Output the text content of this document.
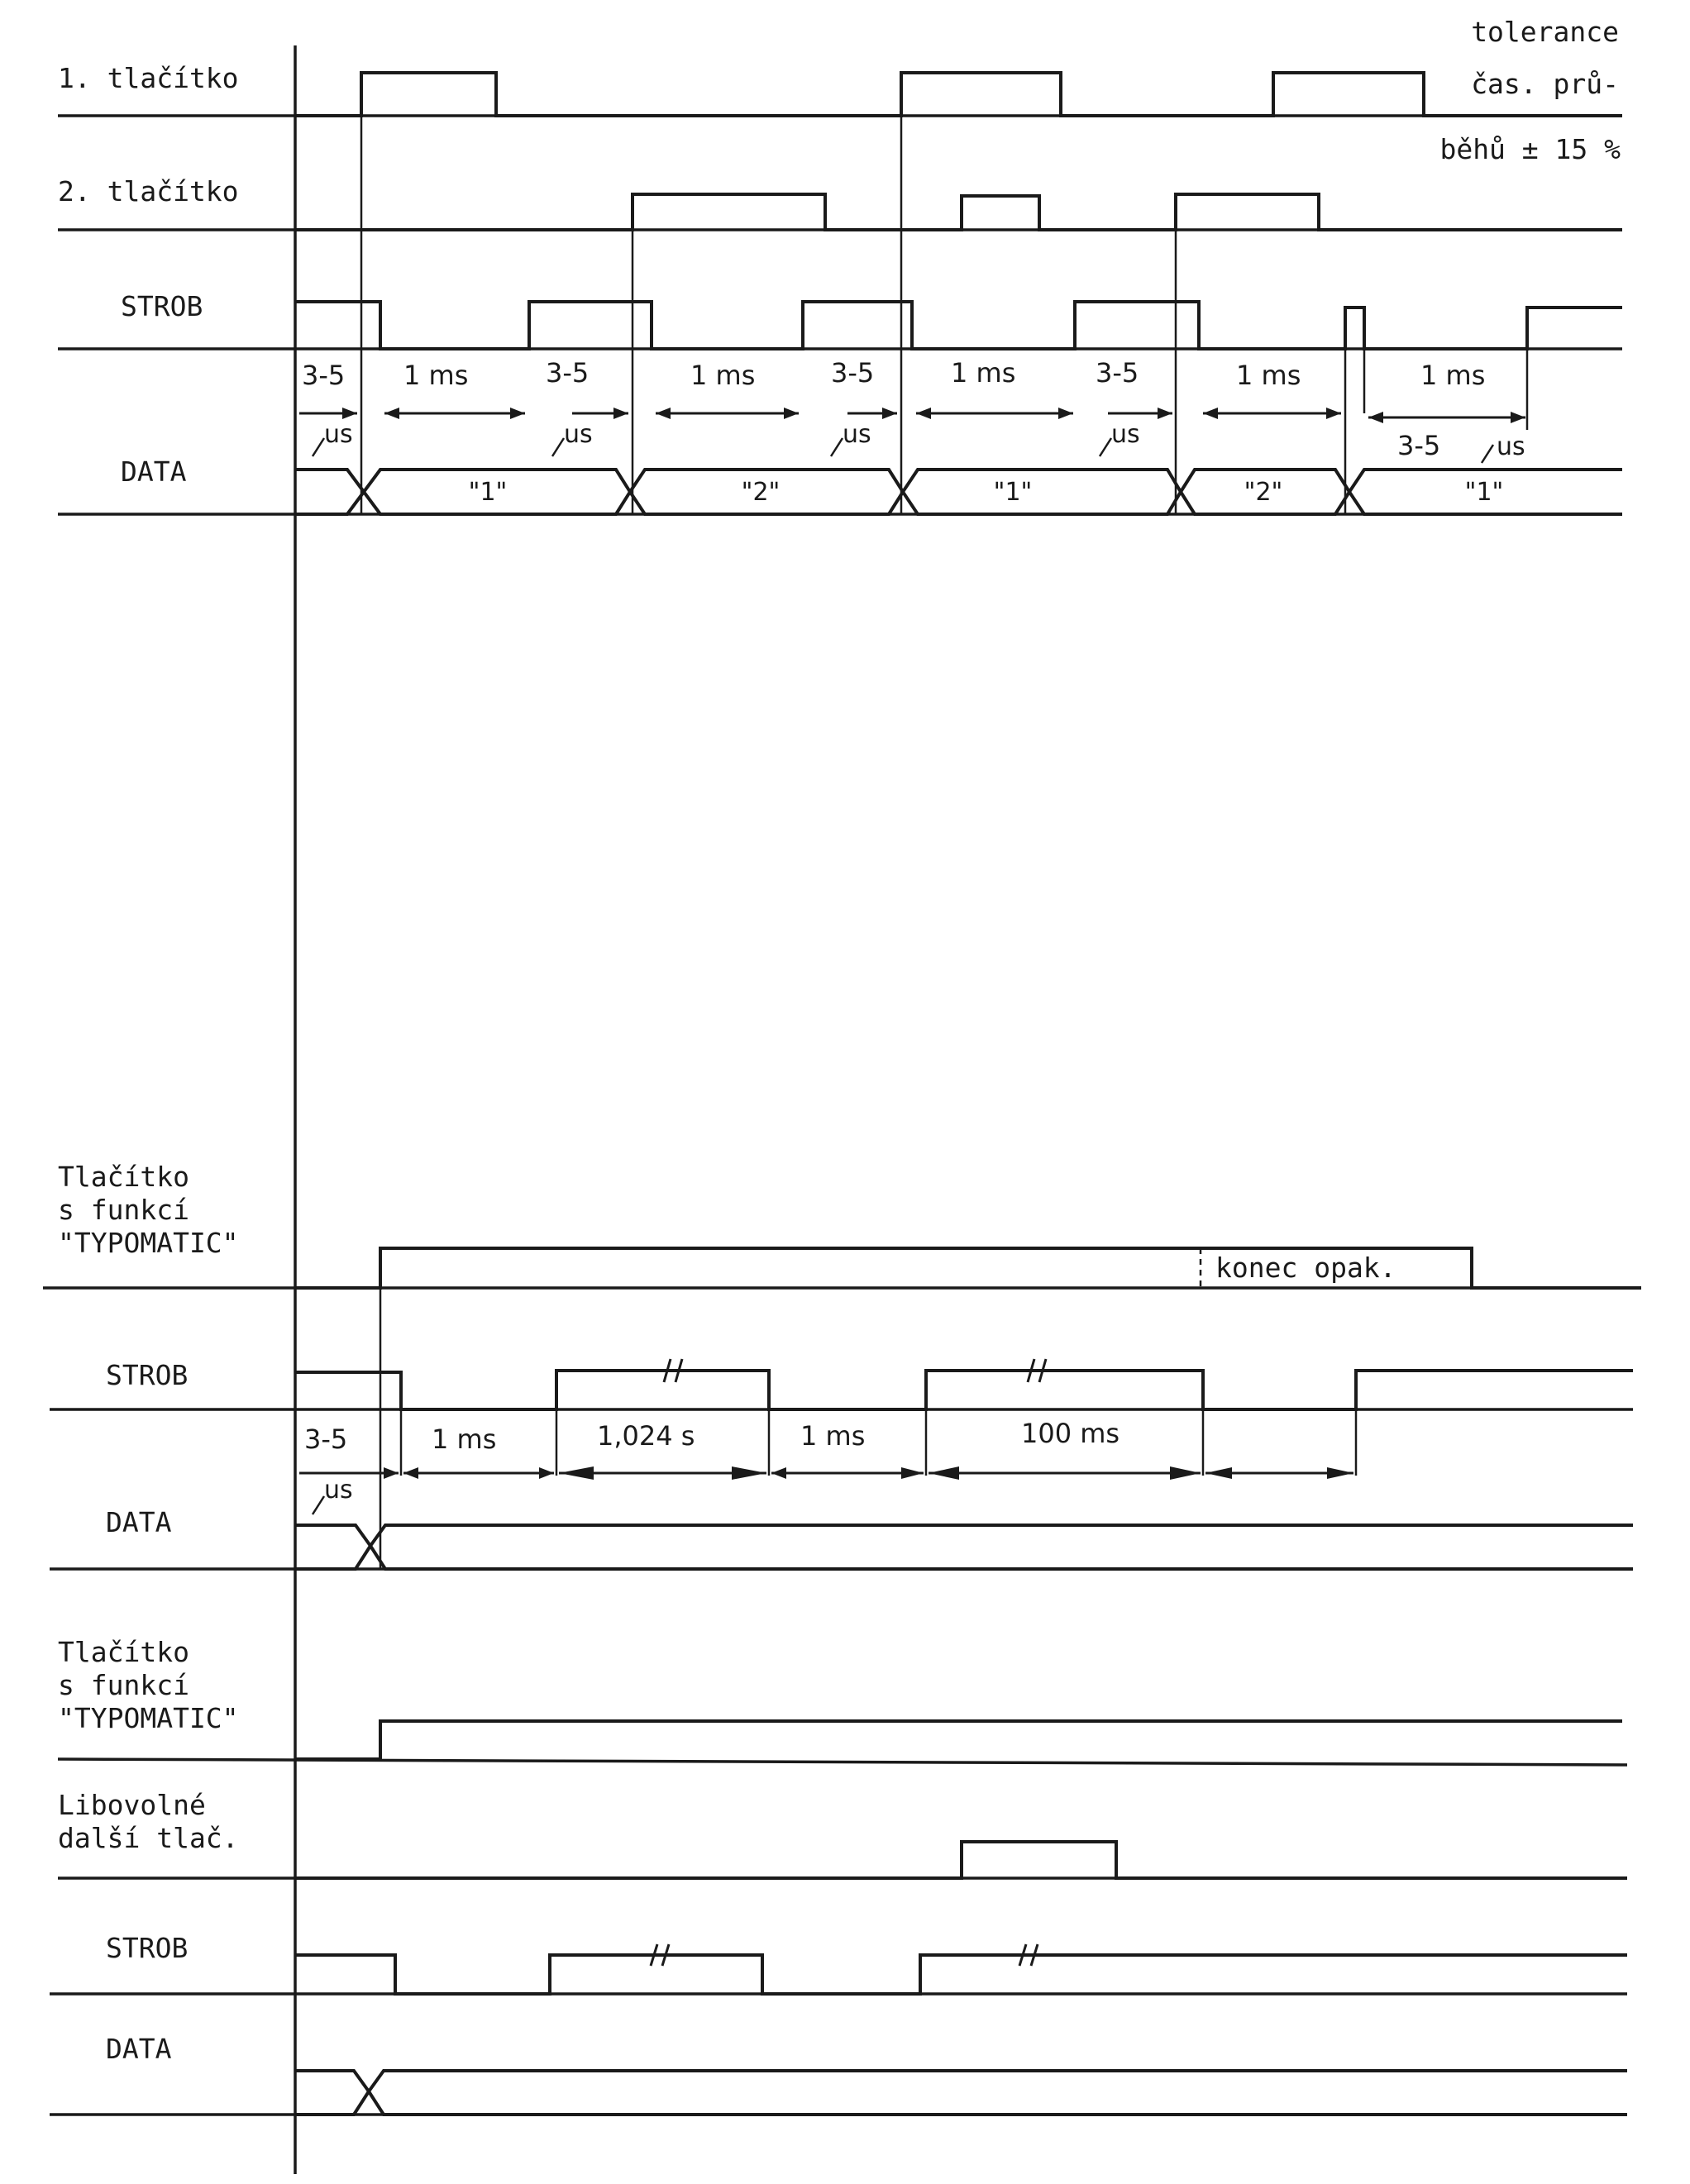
tolerance
čas. prů-
běhů ± 15 %
1. tlačítko
2. tlačítko
STROB
DATA
3-5 1 ms	3-5	1 ms	3-5	1 ms	3-5	1 ms	1 ms
3-5
us	us	us	us	us
"1"	"2"	"1"	"2"	"1"
Tlačítko
s funkcí
"TYPOMATIC"
STROB
DATA
konec opak.
3-5	1 ms	1,024 s	1 ms	100 ms
us
Tlačítko
s funkcí
"TYPOMATIC"
Libovolné
další tlač.
STROB
DATA
